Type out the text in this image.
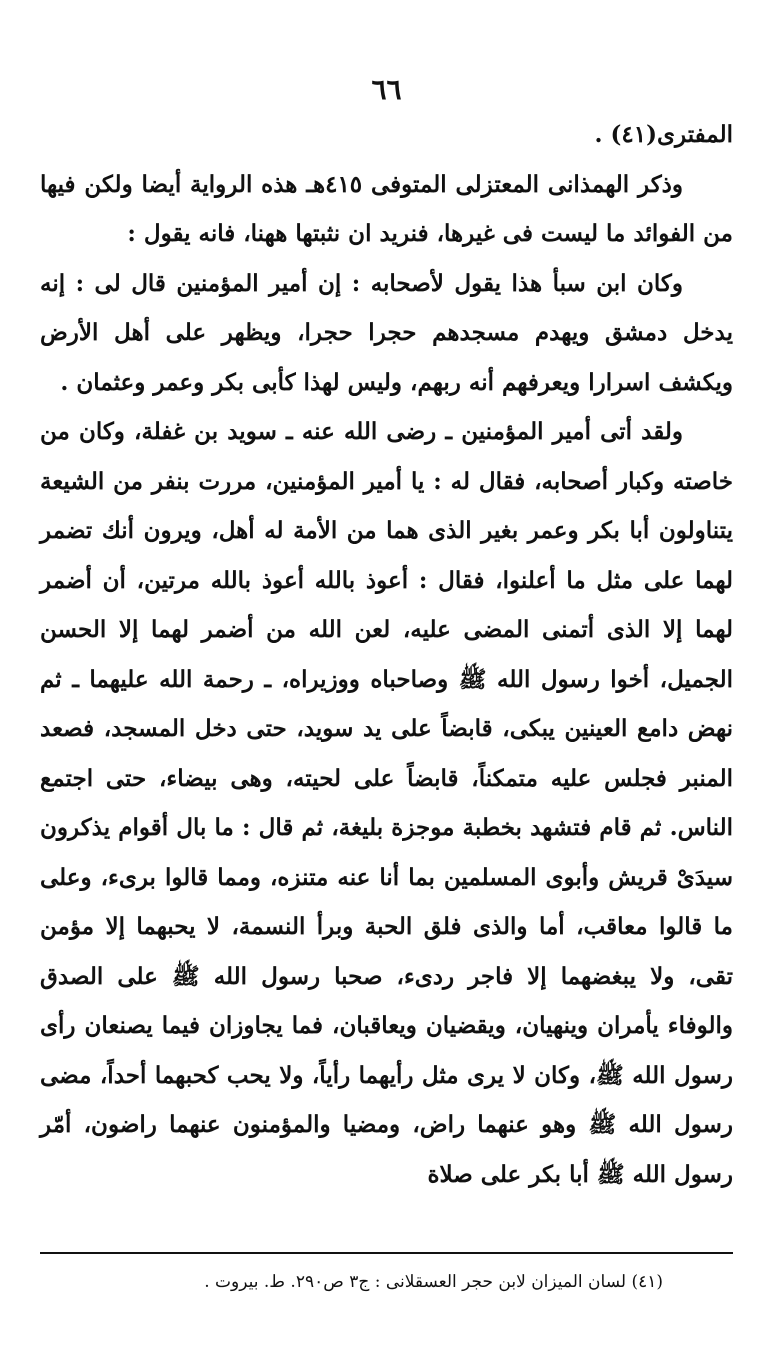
٦٦

المفترى(٤١) .

وذكر الهمذانى المعتزلى المتوفى ٤١٥هـ هذه الرواية أيضا ولكن فيها من الفوائد ما ليست فى غيرها، فنريد ان نثبتها ههنا، فانه يقول :

وكان ابن سبأ هذا يقول لأصحابه : إن أمير المؤمنين قال لى : إنه يدخل دمشق ويهدم مسجدهم حجرا حجرا، ويظهر على أهل الأرض ويكشف اسرارا ويعرفهم أنه ربهم، وليس لهذا كأبى بكر وعمر وعثمان .

ولقد أتى أمير المؤمنين ـ رضى الله عنه ـ سويد بن غفلة، وكان من خاصته وكبار أصحابه، فقال له : يا أمير المؤمنين، مررت بنفر من الشيعة يتناولون أبا بكر وعمر بغير الذى هما من الأمة له أهل، ويرون أنك تضمر لهما على مثل ما أعلنوا، فقال : أعوذ بالله أعوذ بالله مرتين، أن أضمر لهما إلا الذى أتمنى المضى عليه، لعن الله من أضمر لهما إلا الحسن الجميل، أخوا رسول الله ﷺ وصاحباه ووزيراه، ـ رحمة الله عليهما ـ ثم نهض دامع العينين يبكى، قابضاً على يد سويد، حتى دخل المسجد، فصعد المنبر فجلس عليه متمكناً، قابضاً على لحيته، وهى بيضاء، حتى اجتمع الناس. ثم قام فتشهد بخطبة موجزة بليغة، ثم قال : ما بال أقوام يذكرون سيدَىْ قريش وأبوى المسلمين بما أنا عنه متنزه، ومما قالوا برىء، وعلى ما قالوا معاقب، أما والذى فلق الحبة وبرأ النسمة، لا يحبهما إلا مؤمن تقى، ولا يبغضهما إلا فاجر ردىء، صحبا رسول الله ﷺ على الصدق والوفاء يأمران وينهيان، ويقضيان ويعاقبان، فما يجاوزان فيما يصنعان رأى رسول الله ﷺ، وكان لا يرى مثل رأيهما رأياً، ولا يحب كحبهما أحداً، مضى رسول الله ﷺ وهو عنهما راض، ومضيا والمؤمنون عنهما راضون، أمّر رسول الله ﷺ أبا بكر على صلاة

(٤١) لسان الميزان لابن حجر العسقلانى : ج٣ ص٢٩٠. ط. بيروت .
